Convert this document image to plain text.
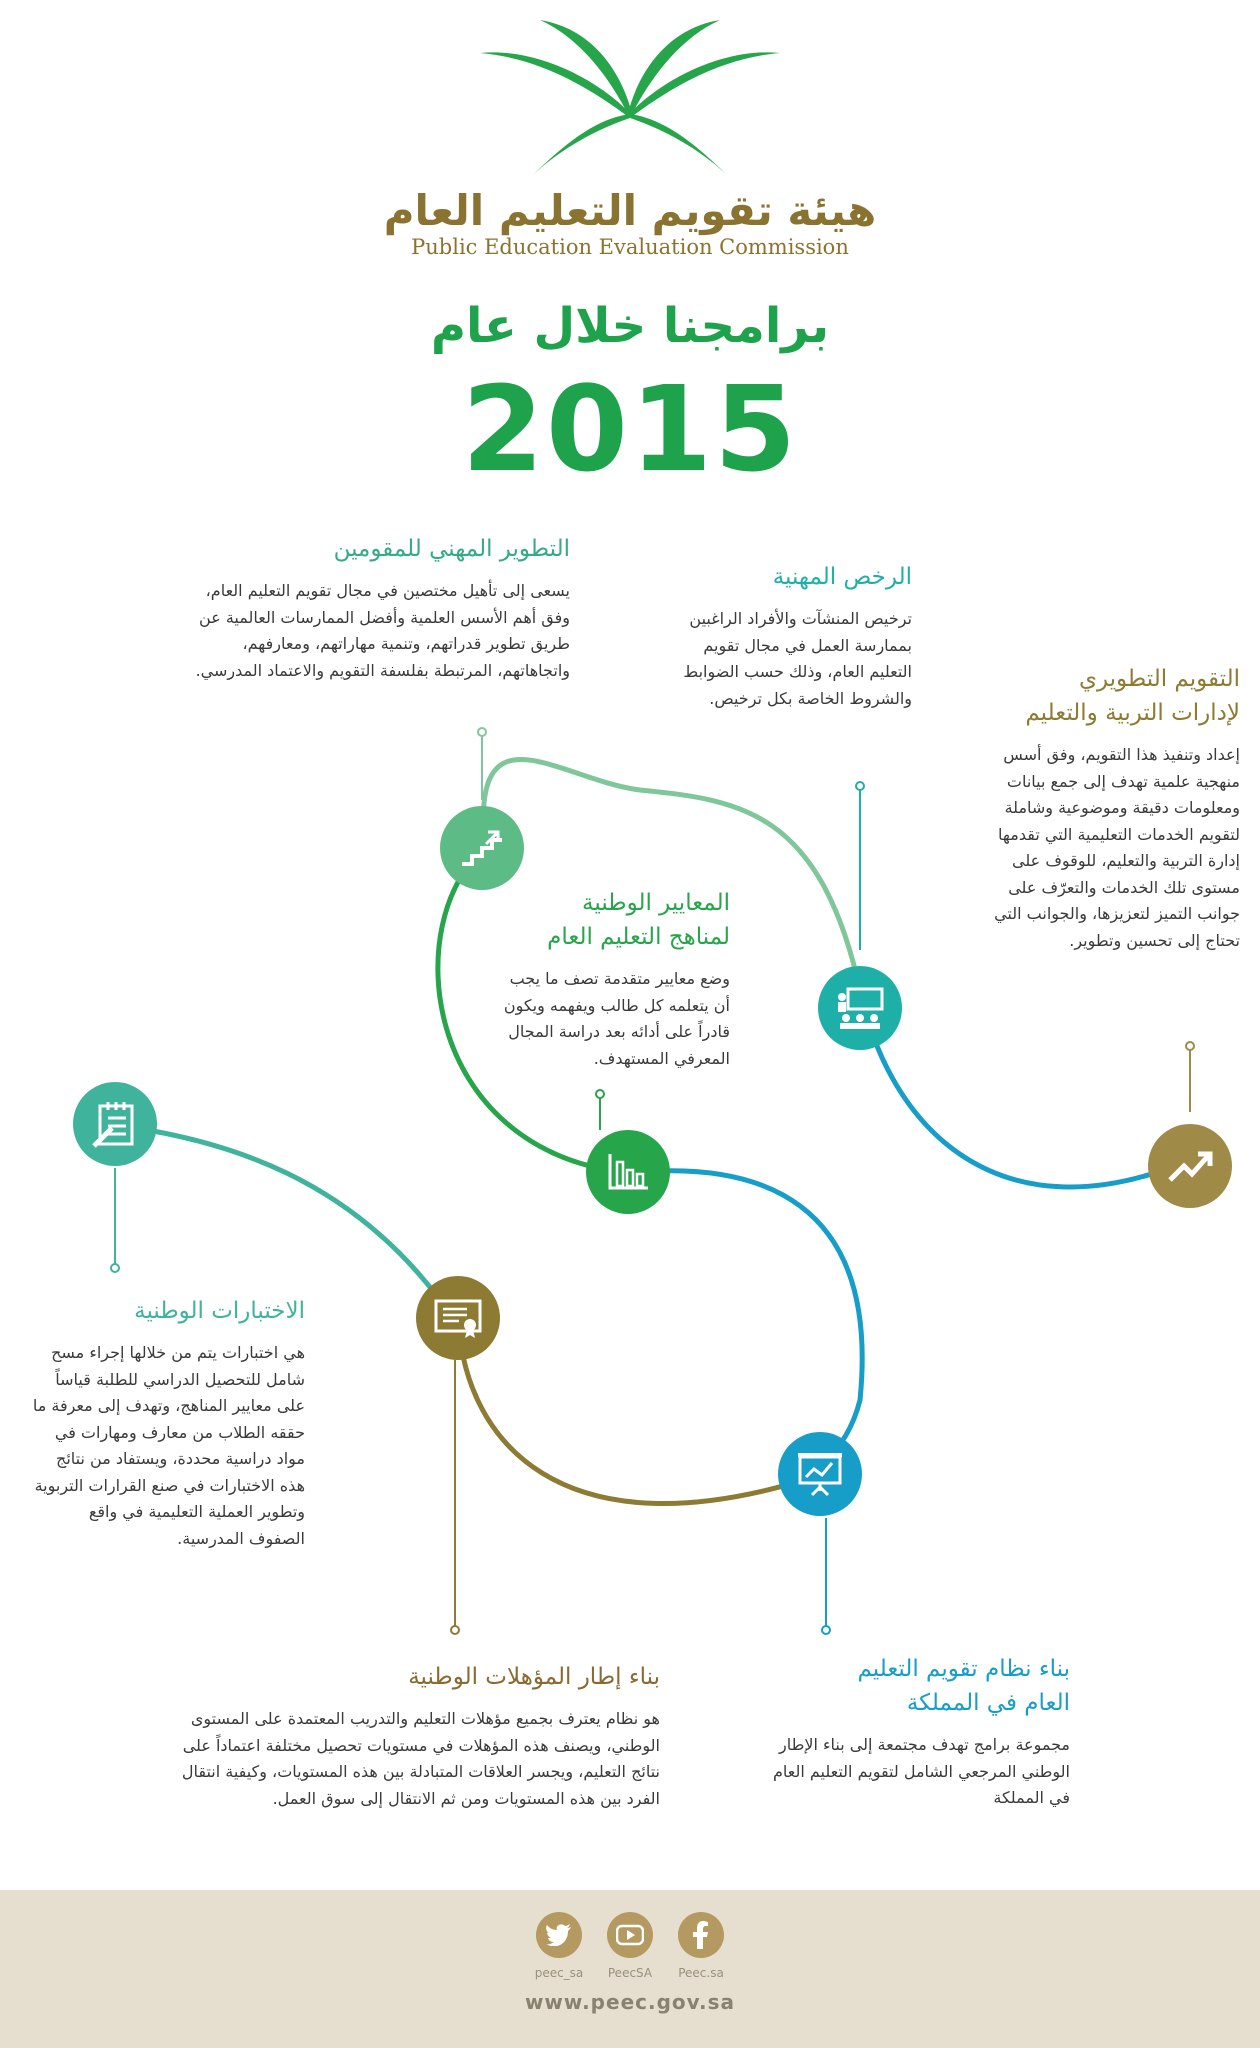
هيئة تقويم التعليم العام
Public Education Evaluation Commission
برامجنا خلال عام
2015
التطوير المهني للمقومين
يسعى إلى تأهيل مختصين في مجال تقويم التعليم العام، وفق أهم الأسس العلمية وأفضل الممارسات العالمية عن طريق تطوير قدراتهم، وتنمية مهاراتهم، ومعارفهم، واتجاهاتهم، المرتبطة بفلسفة التقويم والاعتماد المدرسي.
الرخص المهنية
ترخيص المنشآت والأفراد الراغبين بممارسة العمل في مجال تقويم التعليم العام، وذلك حسب الضوابط والشروط الخاصة بكل ترخيص.
التقويم التطويري
لإدارات التربية والتعليم
إعداد وتنفيذ هذا التقويم، وفق أسس منهجية علمية تهدف إلى جمع بيانات ومعلومات دقيقة وموضوعية وشاملة لتقويم الخدمات التعليمية التي تقدمها إدارة التربية والتعليم، للوقوف على مستوى تلك الخدمات والتعرّف على جوانب التميز لتعزيزها، والجوانب التي تحتاج إلى تحسين وتطوير.
المعايير الوطنية
لمناهج التعليم العام
وضع معايير متقدمة تصف ما يجب أن يتعلمه كل طالب ويفهمه ويكون قادراً على أدائه بعد دراسة المجال المعرفي المستهدف.
الاختبارات الوطنية
هي اختبارات يتم من خلالها إجراء مسح شامل للتحصيل الدراسي للطلبة قياساً على معايير المناهج، وتهدف إلى معرفة ما حققه الطلاب من معارف ومهارات في مواد دراسية محددة، ويستفاد من نتائج هذه الاختبارات في صنع القرارات التربوية وتطوير العملية التعليمية في واقع الصفوف المدرسية.
بناء إطار المؤهلات الوطنية
هو نظام يعترف بجميع مؤهلات التعليم والتدريب المعتمدة على المستوى الوطني، ويصنف هذه المؤهلات في مستويات تحصيل مختلفة اعتماداً على نتائج التعليم، ويجسر العلاقات المتبادلة بين هذه المستويات، وكيفية انتقال الفرد بين هذه المستويات ومن ثم الانتقال إلى سوق العمل.
بناء نظام تقويم التعليم
العام في المملكة
مجموعة برامج تهدف مجتمعة إلى بناء الإطار الوطني المرجعي الشامل لتقويم التعليم العام في المملكة
peec_sa	PeecSA	Peec.sa
www.peec.gov.sa
